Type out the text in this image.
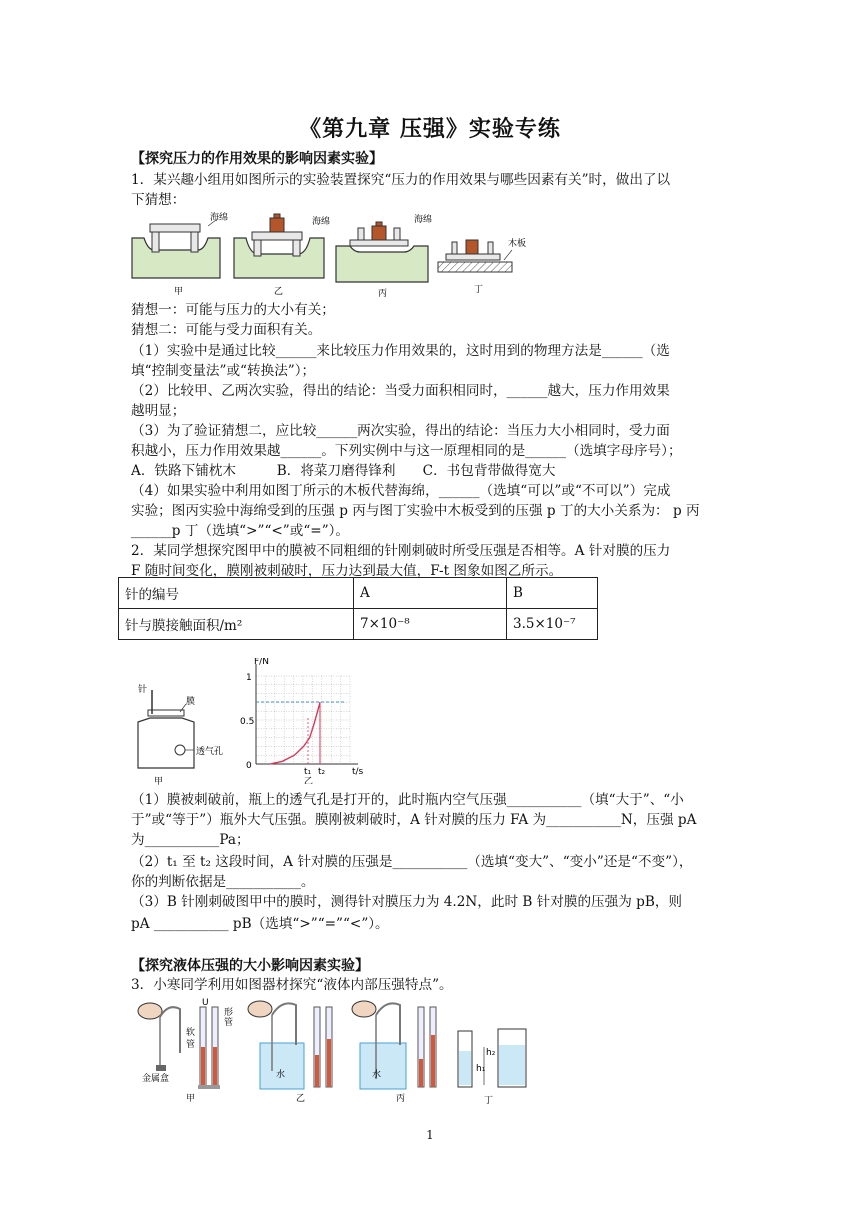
《第九章 压强》实验专练
【探究压力的作用效果的影响因素实验】
1．某兴趣小组用如图所示的实验装置探究“压力的作用效果与哪些因素有关”时，做出了以
下猜想：
海绵	海绵	海绵
木板
甲	乙	丙	丁
猜想一：可能与压力的大小有关；
猜想二：可能与受力面积有关。
（1）实验中是通过比较______来比较压力作用效果的，这时用到的物理方法是______（选
填“控制变量法”或“转换法”）；
（2）比较甲、乙两次实验，得出的结论：当受力面积相同时，______越大，压力作用效果
越明显；
（3）为了验证猜想二，应比较______两次实验，得出的结论：当压力大小相同时，受力面
积越小，压力作用效果越______。下列实例中与这一原理相同的是______（选填字母序号）；
A．铁路下铺枕木　　　B．将菜刀磨得锋利　　C．书包背带做得宽大
（4）如果实验中利用如图丁所示的木板代替海绵，______（选填“可以”或“不可以”）完成
实验；图丙实验中海绵受到的压强 p 丙与图丁实验中木板受到的压强 p 丁的大小关系为： p 丙
______p 丁（选填“>”“<”或“=”）。
2．某同学想探究图甲中的膜被不同粗细的针刚刺破时所受压强是否相等。A 针对膜的压力
F 随时间变化，膜刚被刺破时，压力达到最大值，F-t 图象如图乙所示。
针的编号	A	B
针与膜接触面积/m²	7×10⁻⁸	3.5×10⁻⁷
针
膜
透气孔
甲
F/N
t/s
1
0.5
0
t₁ t₂
乙
（1）膜被刺破前，瓶上的透气孔是打开的，此时瓶内空气压强___________（填“大于”、“小
于”或“等于”）瓶外大气压强。膜刚被刺破时，A 针对膜的压力 FA 为___________N，压强 pA
为___________Pa；
（2）t₁ 至 t₂ 这段时间，A 针对膜的压强是___________（选填“变大”、“变小”还是“不变”），
你的判断依据是___________。
（3）B 针刚刺破图甲中的膜时，测得针对膜压力为 4.2N，此时 B 针对膜的压强为 pB，则
pA ___________ pB（选填“>”“=”“<”）。
【探究液体压强的大小影响因素实验】
3．小寒同学利用如图器材探究“液体内部压强特点”。
U
形
管
软
管
金属盒	水	水
h₂
h₁
甲	乙	丙	丁
1
